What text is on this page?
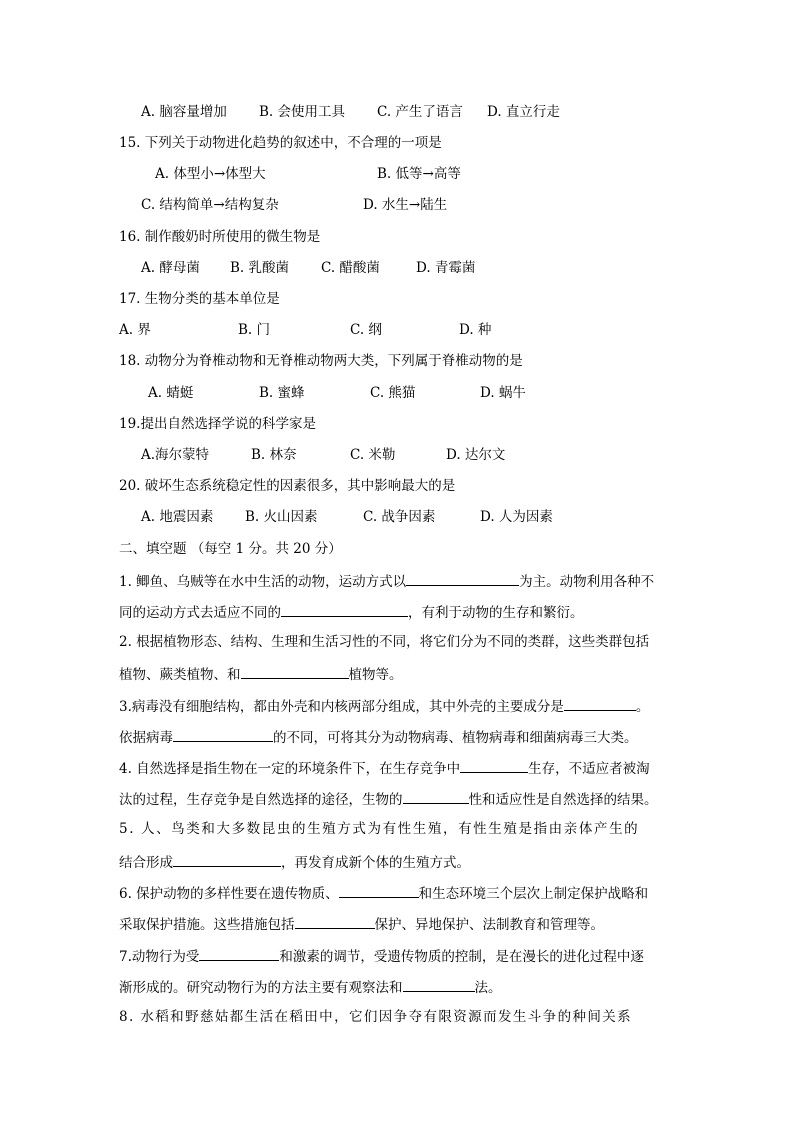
A. 脑容量增加 B. 会使用工具 C. 产生了语言 D. 直立行走
15. 下列关于动物进化趋势的叙述中，不合理的一项是
A. 体型小→体型大	B. 低等→高等
C. 结构简单→结构复杂	D. 水生→陆生
16. 制作酸奶时所使用的微生物是
A. 酵母菌 B. 乳酸菌 C. 醋酸菌	D. 青霉菌
17. 生物分类的基本单位是
A. 界	B. 门	C. 纲	D. 种
18. 动物分为脊椎动物和无脊椎动物两大类，下列属于脊椎动物的是
A. 蜻蜓	B. 蜜蜂	C. 熊猫	D. 蜗牛
19.提出自然选择学说的科学家是
A.海尔蒙特	B. 林奈	C. 米勒	D. 达尔文
20. 破坏生态系统稳定性的因素很多，其中影响最大的是
A. 地震因素 B. 火山因素	C. 战争因素	D. 人为因素
二、填空题 （每空 1 分。共 20 分）
1. 鲫鱼、乌贼等在水中生活的动物，运动方式以	为主。动物利用各种不
同的运动方式去适应不同的	，有利于动物的生存和繁衍。
2. 根据植物形态、结构、生理和生活习性的不同，将它们分为不同的类群，这些类群包括
植物、蕨类植物、和	植物等。
3.病毒没有细胞结构，都由外壳和内核两部分组成，其中外壳的主要成分是	。
依据病毒	的不同，可将其分为动物病毒、植物病毒和细菌病毒三大类。
4. 自然选择是指生物在一定的环境条件下，在生存竞争中	生存，不适应者被淘
汰的过程，生存竞争是自然选择的途径，生物的	性和适应性是自然选择的结果。
5. 人、鸟类和大多数昆虫的生殖方式为有性生殖，有性生殖是指由亲体产生的
结合形成	，再发育成新个体的生殖方式。
6. 保护动物的多样性要在遗传物质、	和生态环境三个层次上制定保护战略和
采取保护措施。这些措施包括	保护、异地保护、法制教育和管理等。
7.动物行为受	和激素的调节，受遗传物质的控制，是在漫长的进化过程中逐
渐形成的。研究动物行为的方法主要有观察法和	法。
8. 水稻和野慈姑都生活在稻田中，它们因争夺有限资源而发生斗争的种间关系
